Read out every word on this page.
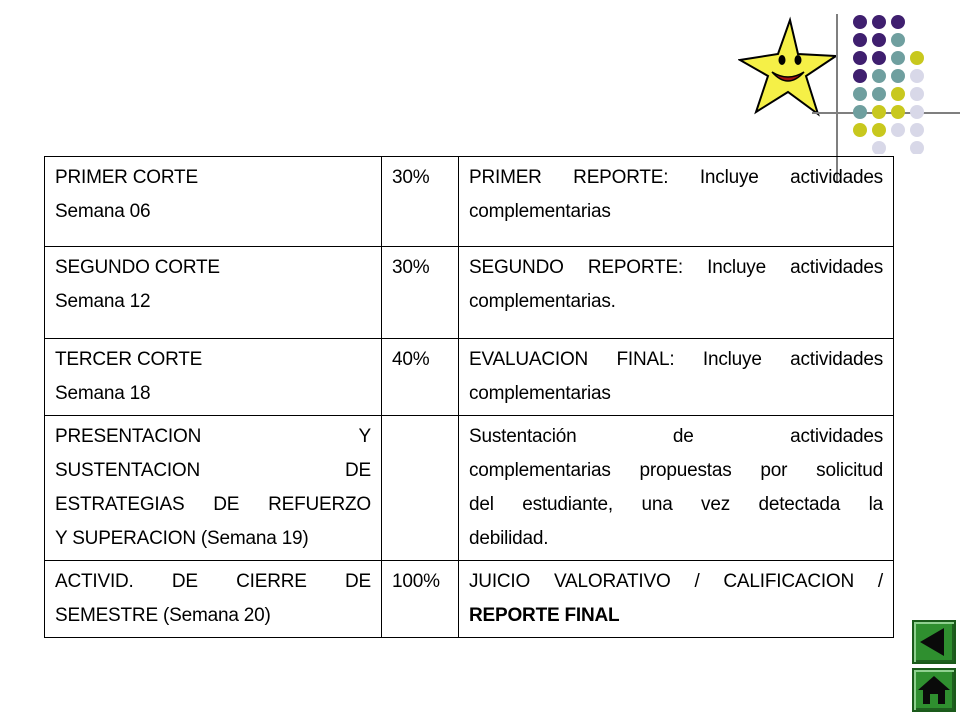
PRIMER CORTE
Semana 06	30%	PRIMER REPORTE: Incluye actividades
complementarias

SEGUNDO CORTE
Semana 12	30%	SEGUNDO REPORTE: Incluye actividades
complementarias.

TERCER CORTE
Semana 18	40%	EVALUACION FINAL: Incluye actividades
complementarias

PRESENTACION Y
SUSTENTACION DE
ESTRATEGIAS DE REFUERZO
Y SUPERACION (Semana 19)		Sustentación de actividades
complementarias propuestas por solicitud
del estudiante, una vez detectada la
debilidad.

ACTIVID. DE CIERRE DE
SEMESTRE (Semana 20)	100%	JUICIO VALORATIVO / CALIFICACION /
REPORTE FINAL
